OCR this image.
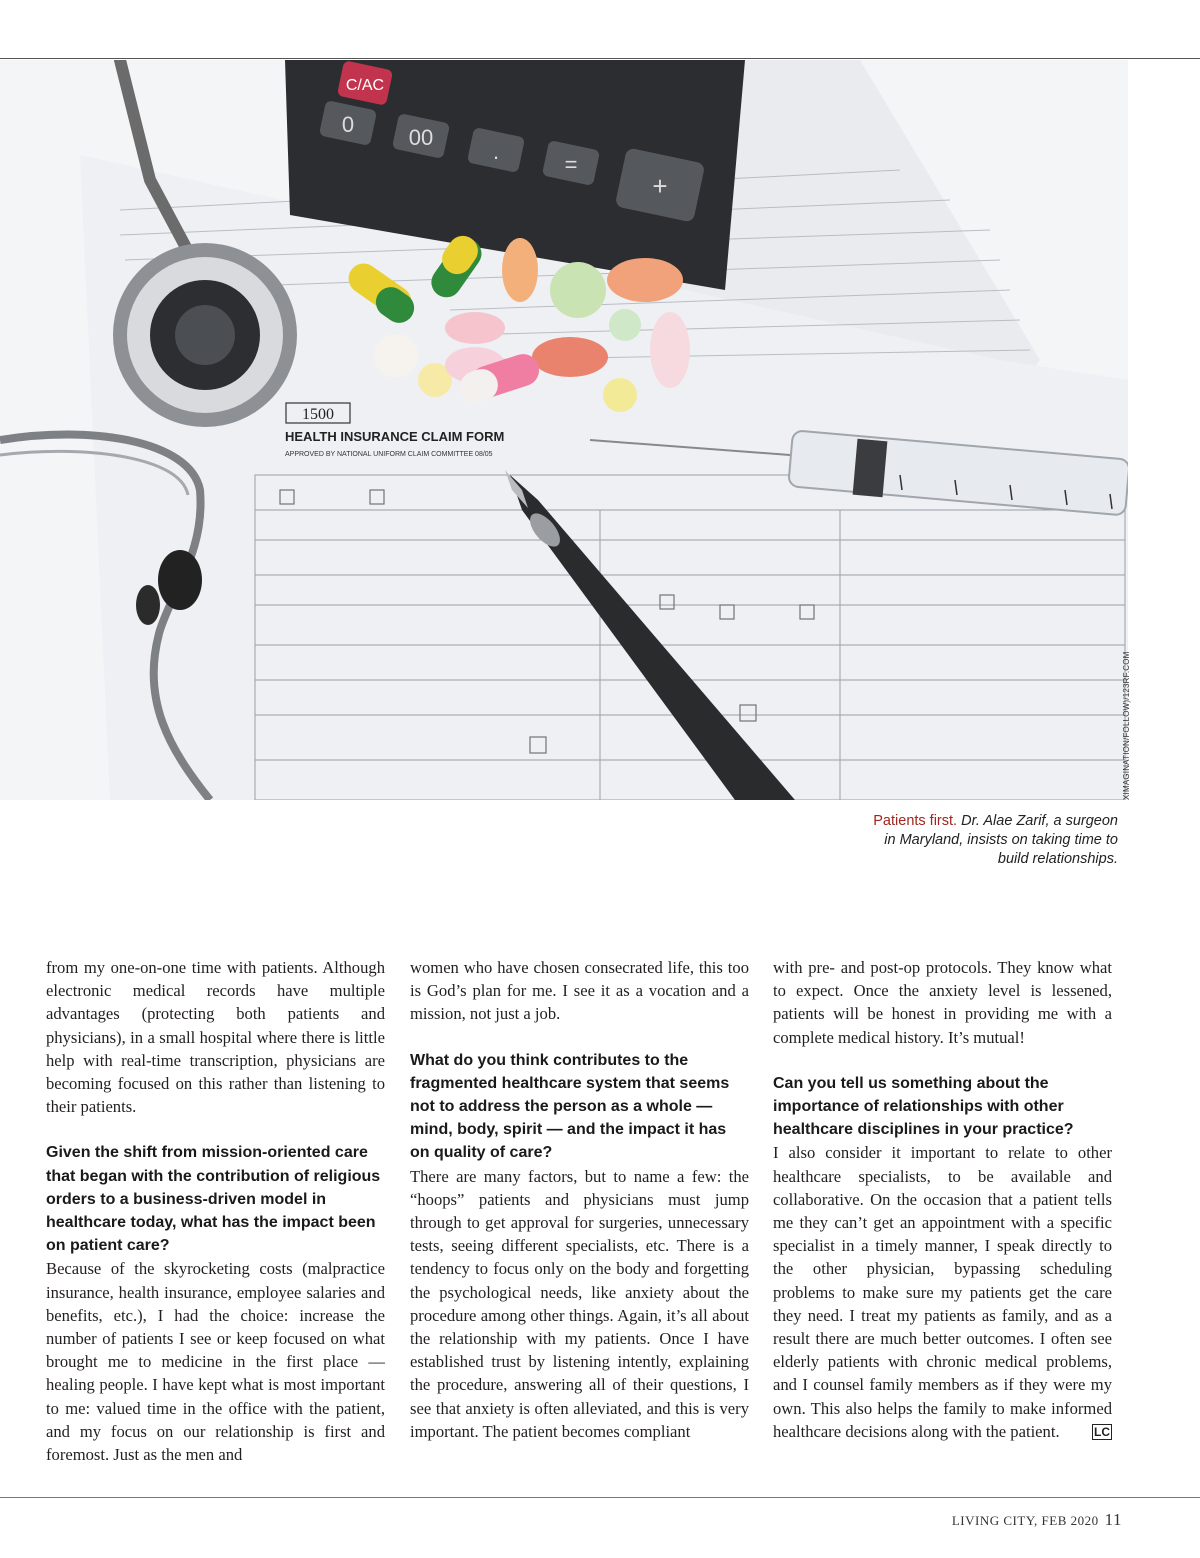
1500
HEALTH INSURANCE CLAIM FORM
APPROVED BY NATIONAL UNIFORM CLAIM COMMITTEE 08/05
C/AC
0
00
.
=
+
XIMAGINATION/FOLLOW)/123RF.COM
Patients first. Dr. Alae Zarif, a surgeon in Maryland, insists on taking time to build relationships.

from my one-on-one time with patients. Although electronic medical records have multiple advantages (protecting both patients and physicians), in a small hospital where there is little help with real-time transcription, physicians are becoming focused on this rather than listening to their patients.

Given the shift from mission-oriented care that began with the contribution of religious orders to a business-driven model in healthcare today, what has the impact been on patient care?

Because of the skyrocketing costs (malpractice insurance, health insurance, employee salaries and benefits, etc.), I had the choice: increase the number of patients I see or keep focused on what brought me to medicine in the first place — healing people. I have kept what is most important to me: valued time in the office with the patient, and my focus on our relationship is first and foremost. Just as the men and

women who have chosen consecrated life, this too is God’s plan for me. I see it as a vocation and a mission, not just a job.

What do you think contributes to the fragmented healthcare system that seems not to address the person as a whole — mind, body, spirit — and the impact it has on quality of care?

There are many factors, but to name a few: the “hoops” patients and physicians must jump through to get approval for surgeries, unnecessary tests, seeing different specialists, etc. There is a tendency to focus only on the body and forgetting the psychological needs, like anxiety about the procedure among other things. Again, it’s all about the relationship with my patients. Once I have established trust by listening intently, explaining the procedure, answering all of their questions, I see that anxiety is often alleviated, and this is very important. The patient becomes compliant

with pre- and post-op protocols. They know what to expect. Once the anxiety level is lessened, patients will be honest in providing me with a complete medical history. It’s mutual!

Can you tell us something about the importance of relationships with other healthcare disciplines in your practice?

I also consider it important to relate to other healthcare specialists, to be available and collaborative. On the occasion that a patient tells me they can’t get an appointment with a specific specialist in a timely manner, I speak directly to the other physician, bypassing scheduling problems to make sure my patients get the care they need. I treat my patients as family, and as a result there are much better outcomes. I often see elderly patients with chronic medical problems, and I counsel family members as if they were my own. This also helps the family to make informed healthcare decisions along with the patient.	LC

LIVING CITY, FEB 2020 11
